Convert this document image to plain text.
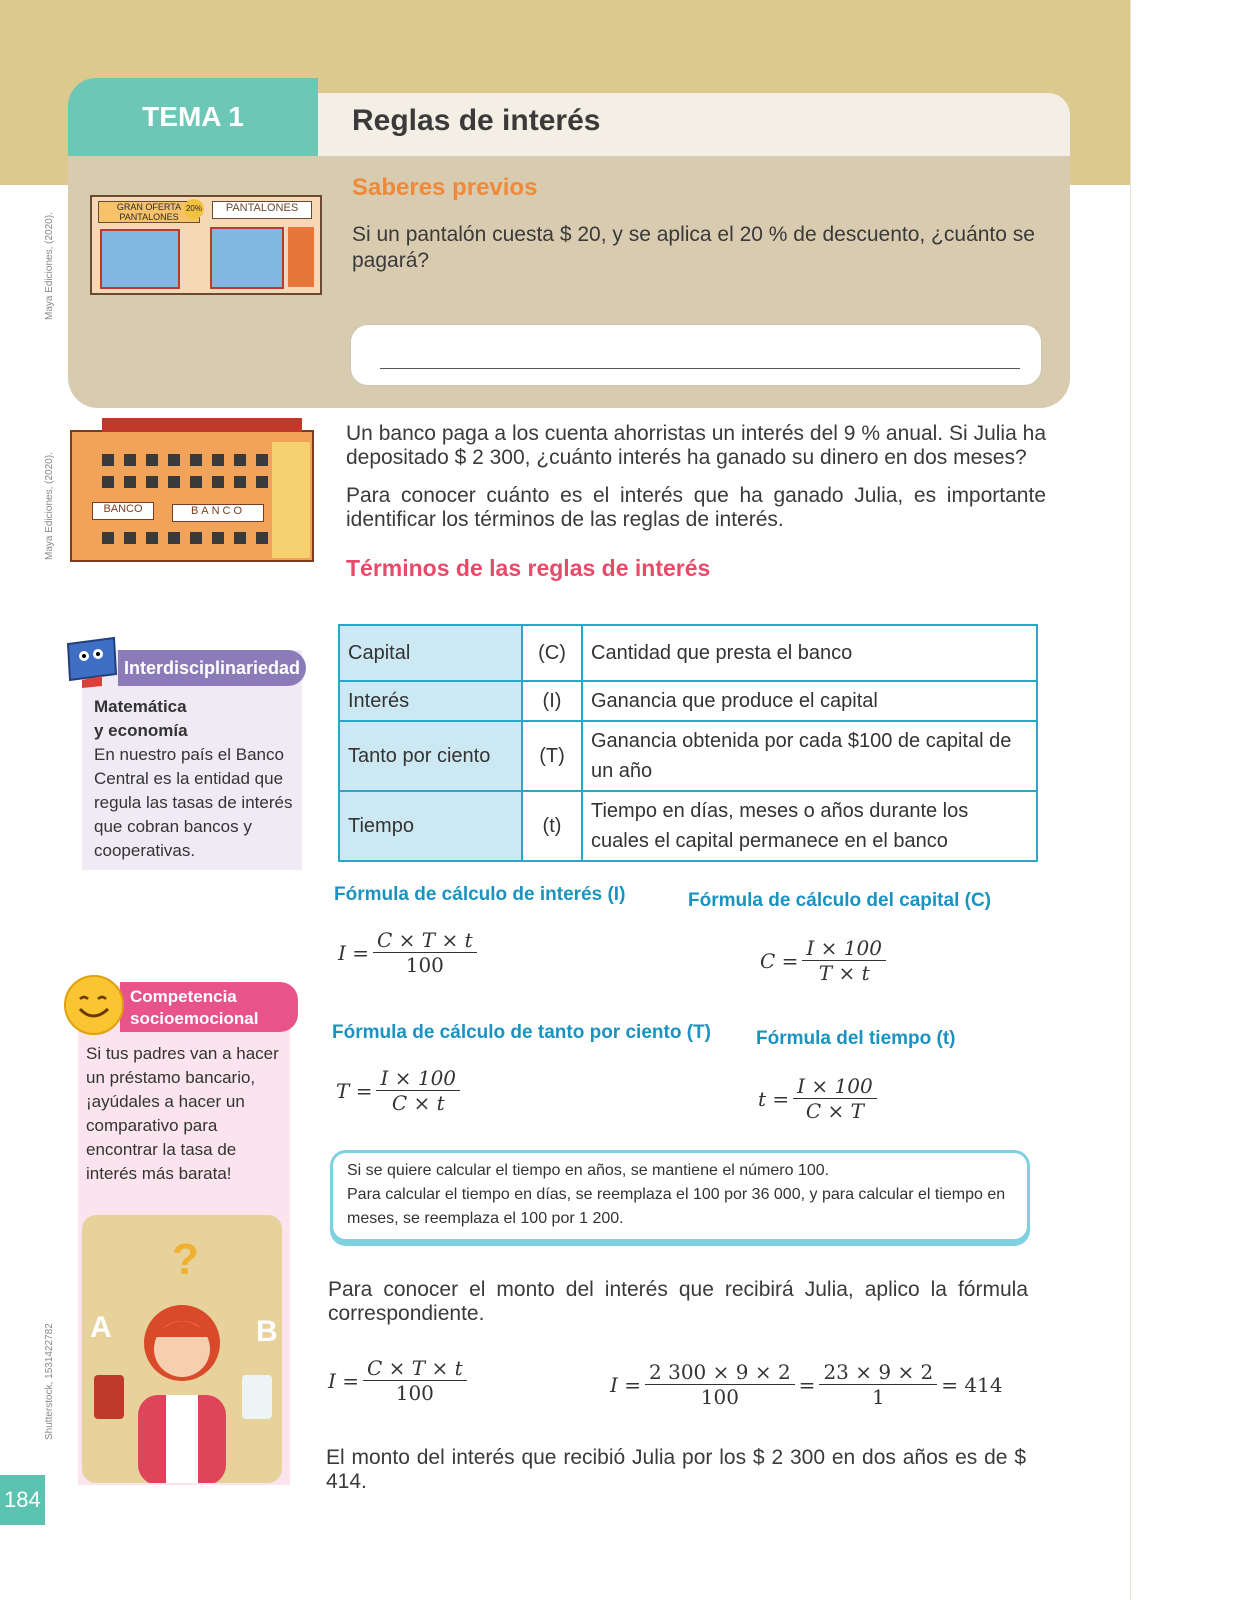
TEMA 1	Reglas de interés
GRAN OFERTA PANTALONES
20%	PANTALONES
Saberes previos
Si un pantalón cuesta $ 20, y se aplica el 20 % de descuento, ¿cuánto se pagará?
Maya Ediciones, (2020).
Maya Ediciones, (2020).
Shutterstock, 1531422782
BANCO	BANCO
Un banco paga a los cuenta ahorristas un interés del 9 % anual. Si Julia ha depositado $ 2 300, ¿cuánto interés ha ganado su dinero en dos meses?
Para conocer cuánto es el interés que ha ganado Julia, es importante identificar los términos de las reglas de interés.
Términos de las reglas de interés
Interdisciplinariedad
Matemática
y economía
En nuestro país el Banco Central es la entidad que regula las tasas de interés que cobran bancos y cooperativas.
Capital	(C)	Cantidad que presta el banco
Interés	(I)	Ganancia que produce el capital
Tanto por ciento	(T)	Ganancia obtenida por cada $100 de capital de un año
Tiempo	(t)	Tiempo en días, meses o años durante los cuales el capital permanece en el banco
Fórmula de cálculo de interés (I)
$I = \frac{C \times T \times t}{100}$
Fórmula de cálculo del capital (C)
$C = \frac{I \times 100}{T \times t}$
Fórmula de cálculo de tanto por ciento (T)
$T = \frac{I \times 100}{C \times t}$
Fórmula del tiempo (t)
$t = \frac{I \times 100}{C \times T}$
Si se quiere calcular el tiempo en años, se mantiene el número 100.
Para calcular el tiempo en días, se reemplaza el 100 por 36 000, y para calcular el tiempo en meses, se reemplaza el 100 por 1 200.
Competencia
socioemocional
Si tus padres van a hacer un préstamo bancario, ¡ayúdales a hacer un comparativo para encontrar la tasa de interés más barata!
?
A	B
Para conocer el monto del interés que recibirá Julia, aplico la fórmula correspondiente.
$I = \frac{C \times T \times t}{100}$	$I = \frac{2 300 \times 9 \times 2}{100} = \frac{23 \times 9 \times 2}{1} = 414$
El monto del interés que recibió Julia por los $ 2 300 en dos años es de $ 414.
184
